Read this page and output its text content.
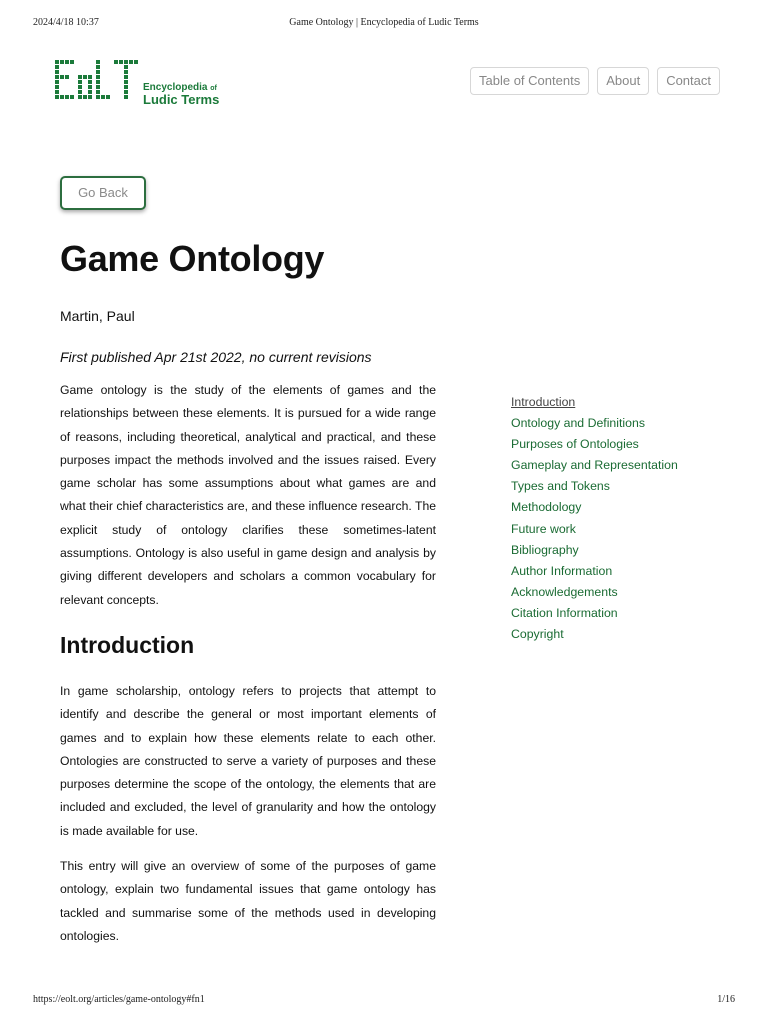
2024/4/18 10:37	Game Ontology | Encyclopedia of Ludic Terms
Encyclopedia of
Ludic Terms
Table of Contents	About	Contact
Go Back
Game Ontology
Martin, Paul
First published Apr 21st 2022, no current revisions

Game ontology is the study of the elements of games and the relationships between these elements. It is pursued for a wide range of reasons, including theoretical, analytical and practical, and these purposes impact the methods involved and the issues raised. Every game scholar has some assumptions about what games are and what their chief characteristics are, and these influence research. The explicit study of ontology clarifies these sometimes-latent assumptions. Ontology is also useful in game design and analysis by giving different developers and scholars a common vocabulary for relevant concepts.

Introduction

In game scholarship, ontology refers to projects that attempt to identify and describe the general or most important elements of games and to explain how these elements relate to each other. Ontologies are constructed to serve a variety of purposes and these purposes determine the scope of the ontology, the elements that are included and excluded, the level of granularity and how the ontology is made available for use.

This entry will give an overview of some of the purposes of game ontology, explain two fundamental issues that game ontology has tackled and summarise some of the methods used in developing ontologies.

Introduction
Ontology and Definitions
Purposes of Ontologies
Gameplay and Representation
Types and Tokens
Methodology
Future work
Bibliography
Author Information
Acknowledgements
Citation Information
Copyright
https://eolt.org/articles/game-ontology#fn1	1/16
